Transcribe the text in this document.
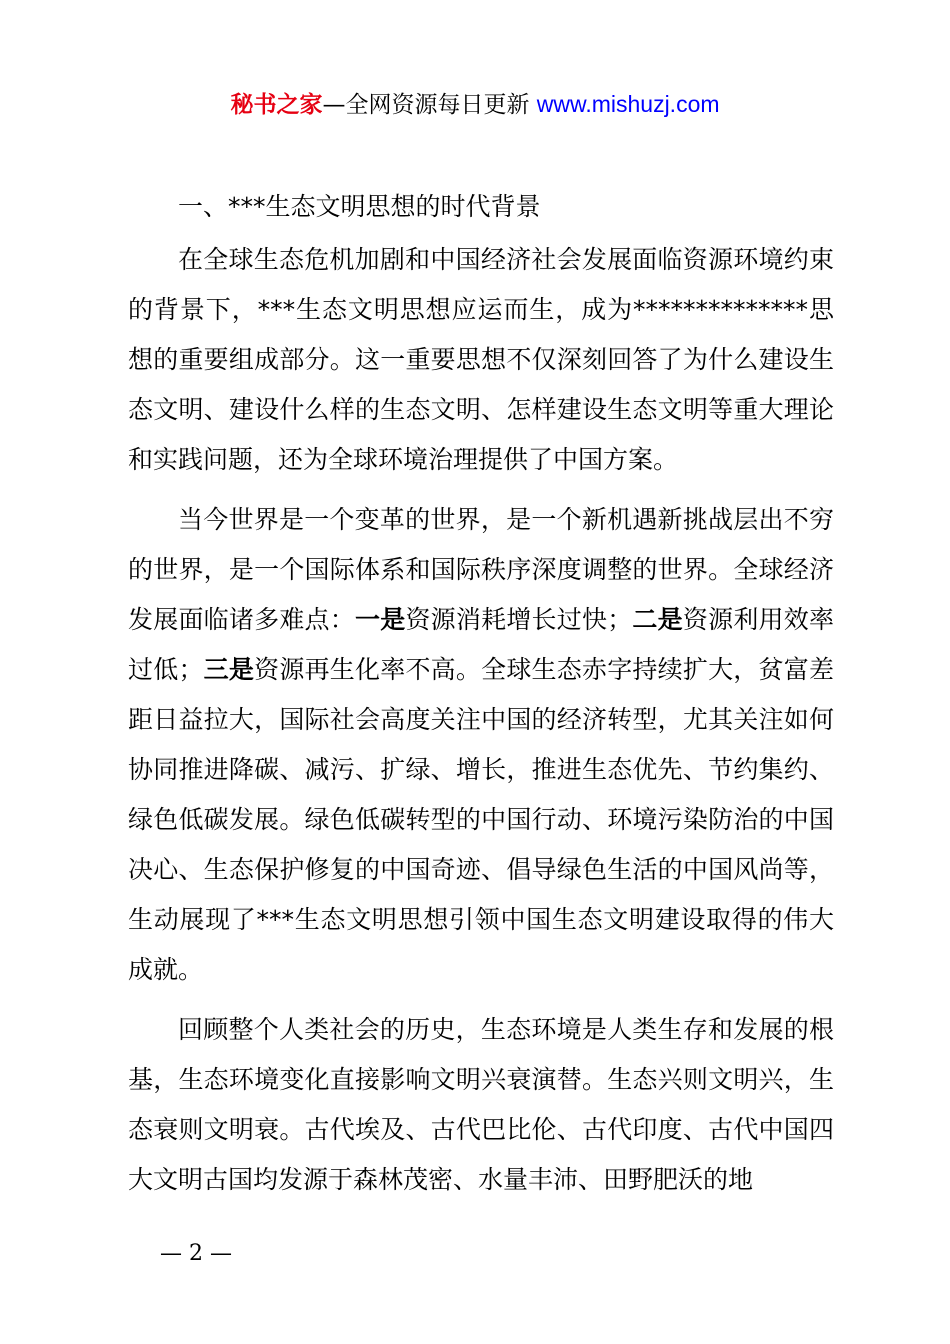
秘书之家—全网资源每日更新 www.mishuzj.com

一、***生态文明思想的时代背景

在全球生态危机加剧和中国经济社会发展面临资源环境约束的背景下，***生态文明思想应运而生，成为**************思想的重要组成部分。这一重要思想不仅深刻回答了为什么建设生态文明、建设什么样的生态文明、怎样建设生态文明等重大理论和实践问题，还为全球环境治理提供了中国方案。

当今世界是一个变革的世界，是一个新机遇新挑战层出不穷的世界，是一个国际体系和国际秩序深度调整的世界。全球经济发展面临诸多难点：一是资源消耗增长过快；二是资源利用效率过低；三是资源再生化率不高。全球生态赤字持续扩大，贫富差距日益拉大，国际社会高度关注中国的经济转型，尤其关注如何协同推进降碳、减污、扩绿、增长，推进生态优先、节约集约、绿色低碳发展。绿色低碳转型的中国行动、环境污染防治的中国决心、生态保护修复的中国奇迹、倡导绿色生活的中国风尚等，生动展现了***生态文明思想引领中国生态文明建设取得的伟大成就。

回顾整个人类社会的历史，生态环境是人类生存和发展的根基，生态环境变化直接影响文明兴衰演替。生态兴则文明兴，生态衰则文明衰。古代埃及、古代巴比伦、古代印度、古代中国四大文明古国均发源于森林茂密、水量丰沛、田野肥沃的地

— 2 —
